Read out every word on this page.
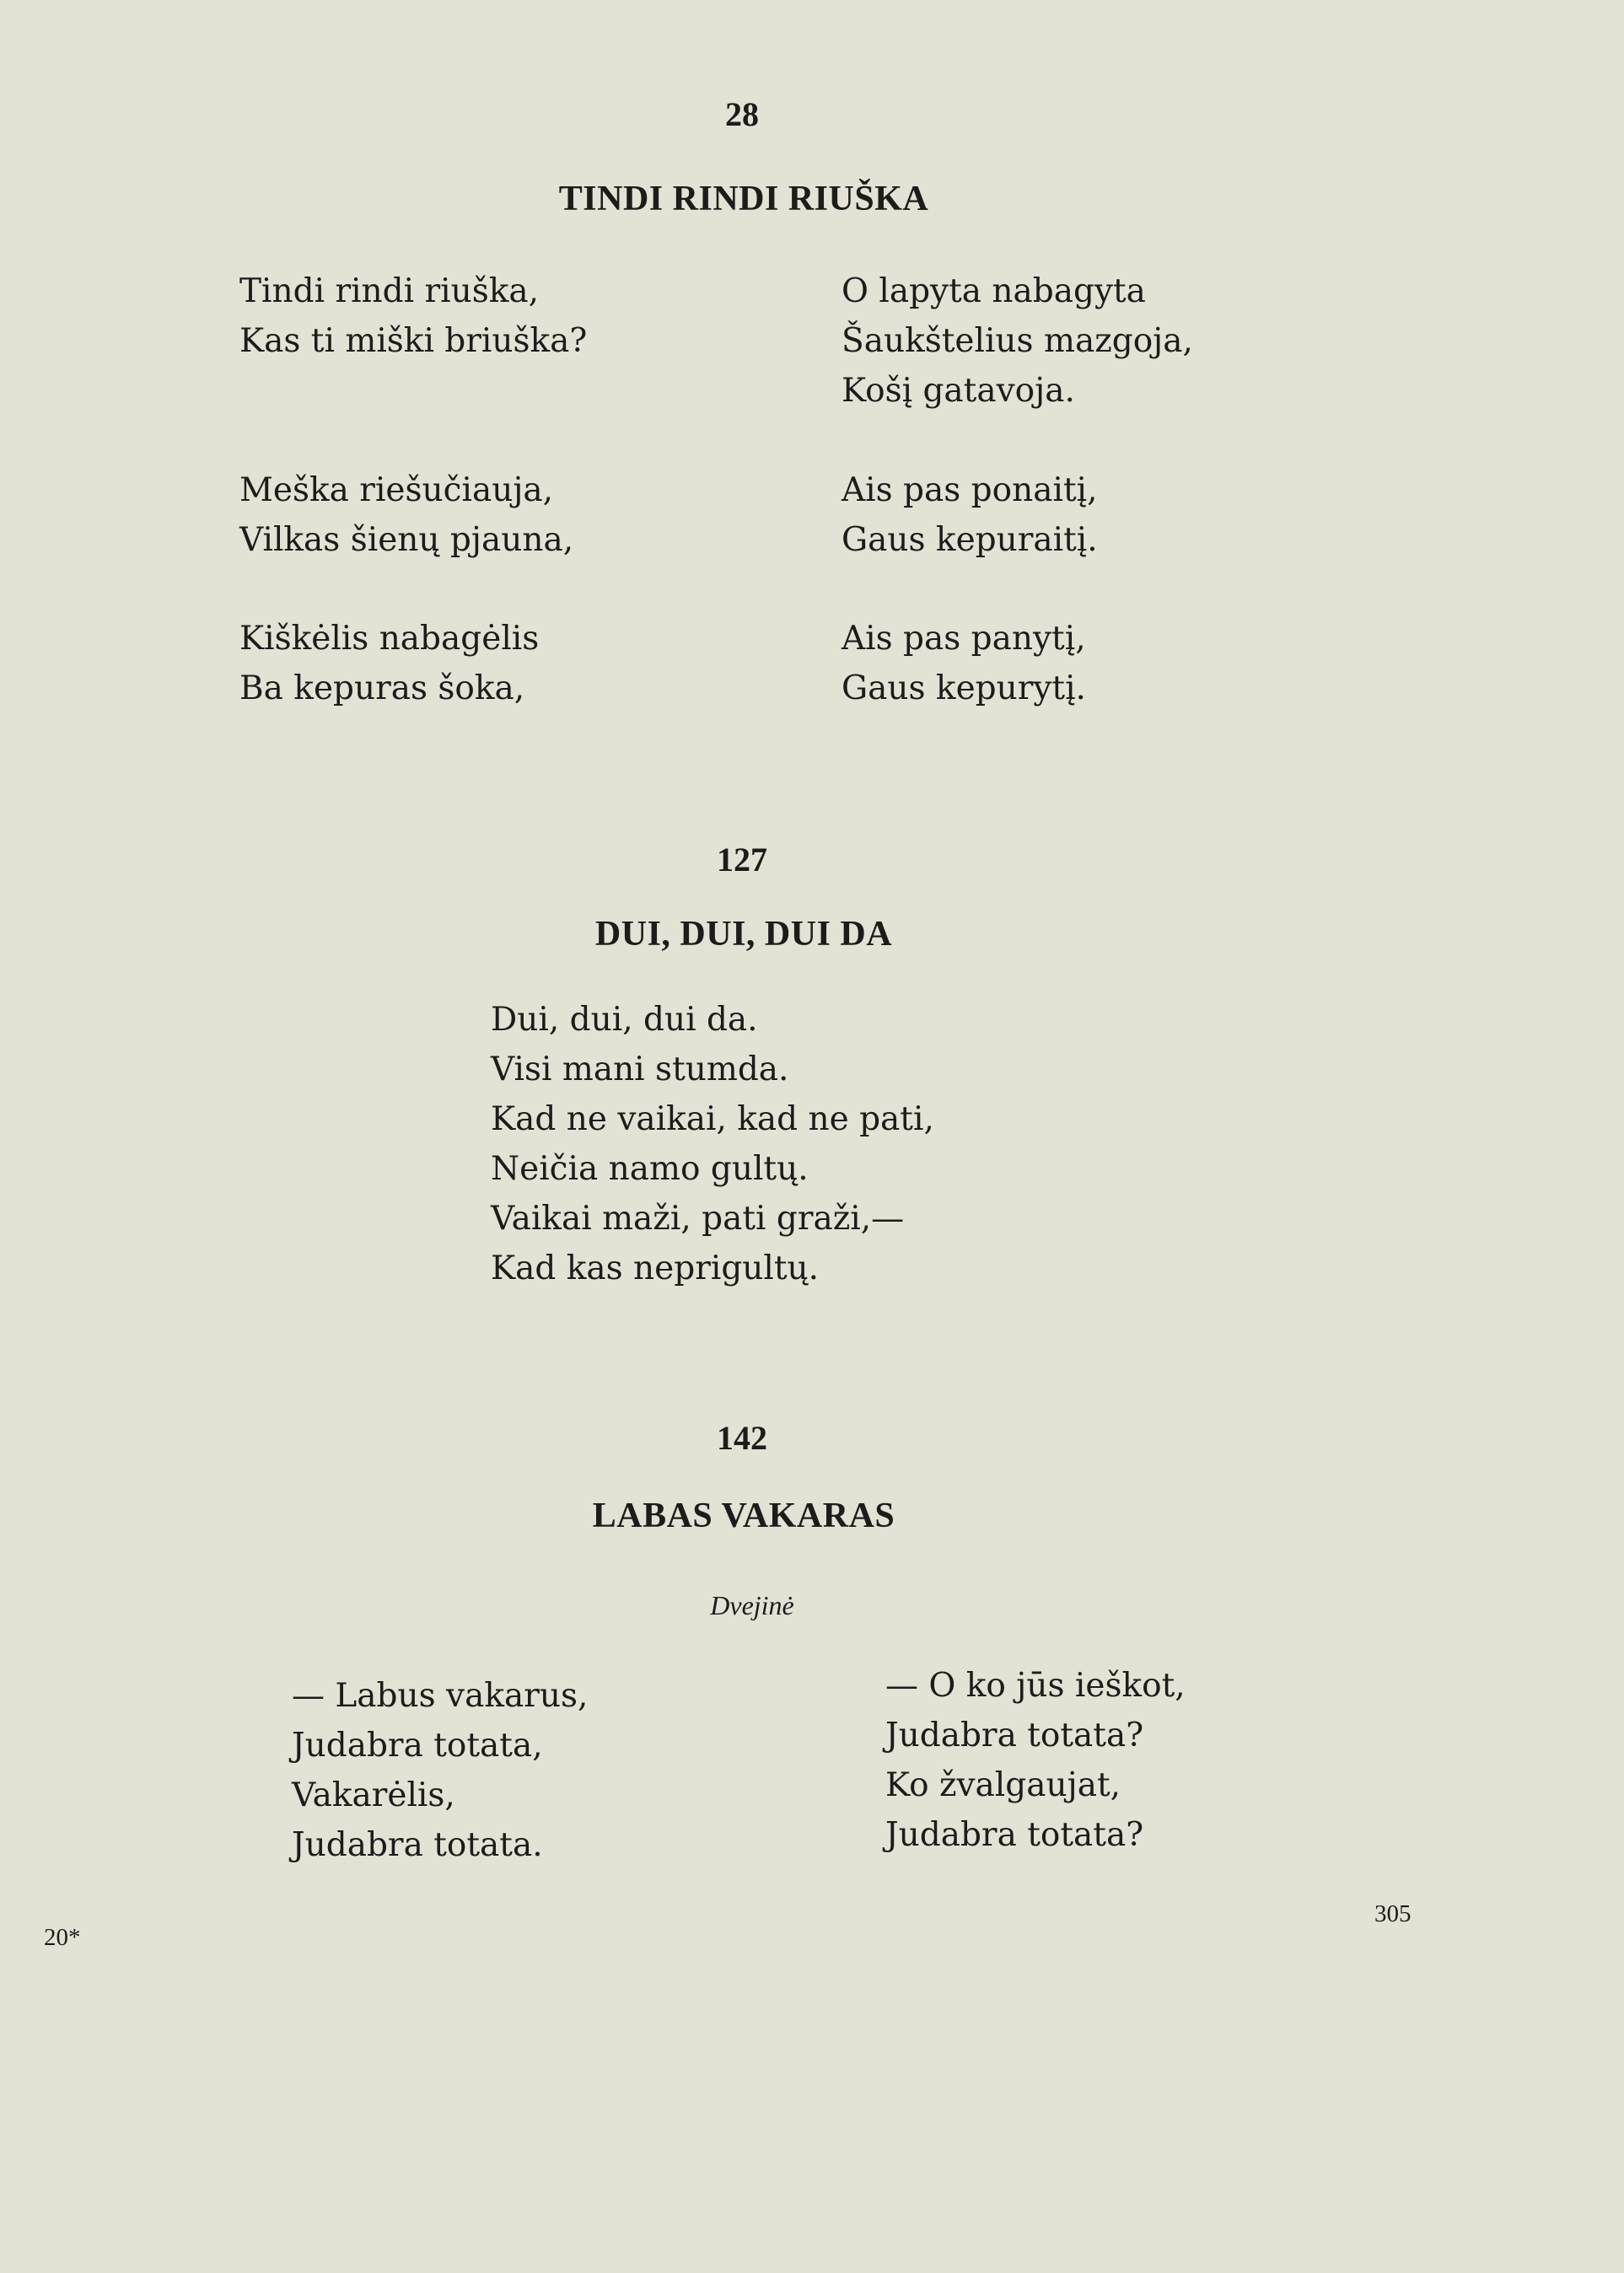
28
TINDI RINDI RIUŠKA
Tindi rindi riuška,
Kas ti miški briuška?
Meška riešučiauja,
Vilkas šienų pjauna,
Kiškėlis nabagėlis
Ba kepuras šoka,
O lapyta nabagyta
Šaukštelius mazgoja,
Košį gatavoja.
Ais pas ponaitį,
Gaus kepuraitį.
Ais pas panytį,
Gaus kepurytį.
127
DUI, DUI, DUI DA
Dui, dui, dui da.
Visi mani stumda.
Kad ne vaikai, kad ne pati,
Neičia namo gultų.
Vaikai maži, pati graži,—
Kad kas neprigultų.
142
LABAS VAKARAS
Dvejinė
— Labus vakarus,
Judabra totata,
Vakarėlis,
Judabra totata.
— O ko jūs ieškot,
Judabra totata?
Ko žvalgaujat,
Judabra totata?
20*
305
